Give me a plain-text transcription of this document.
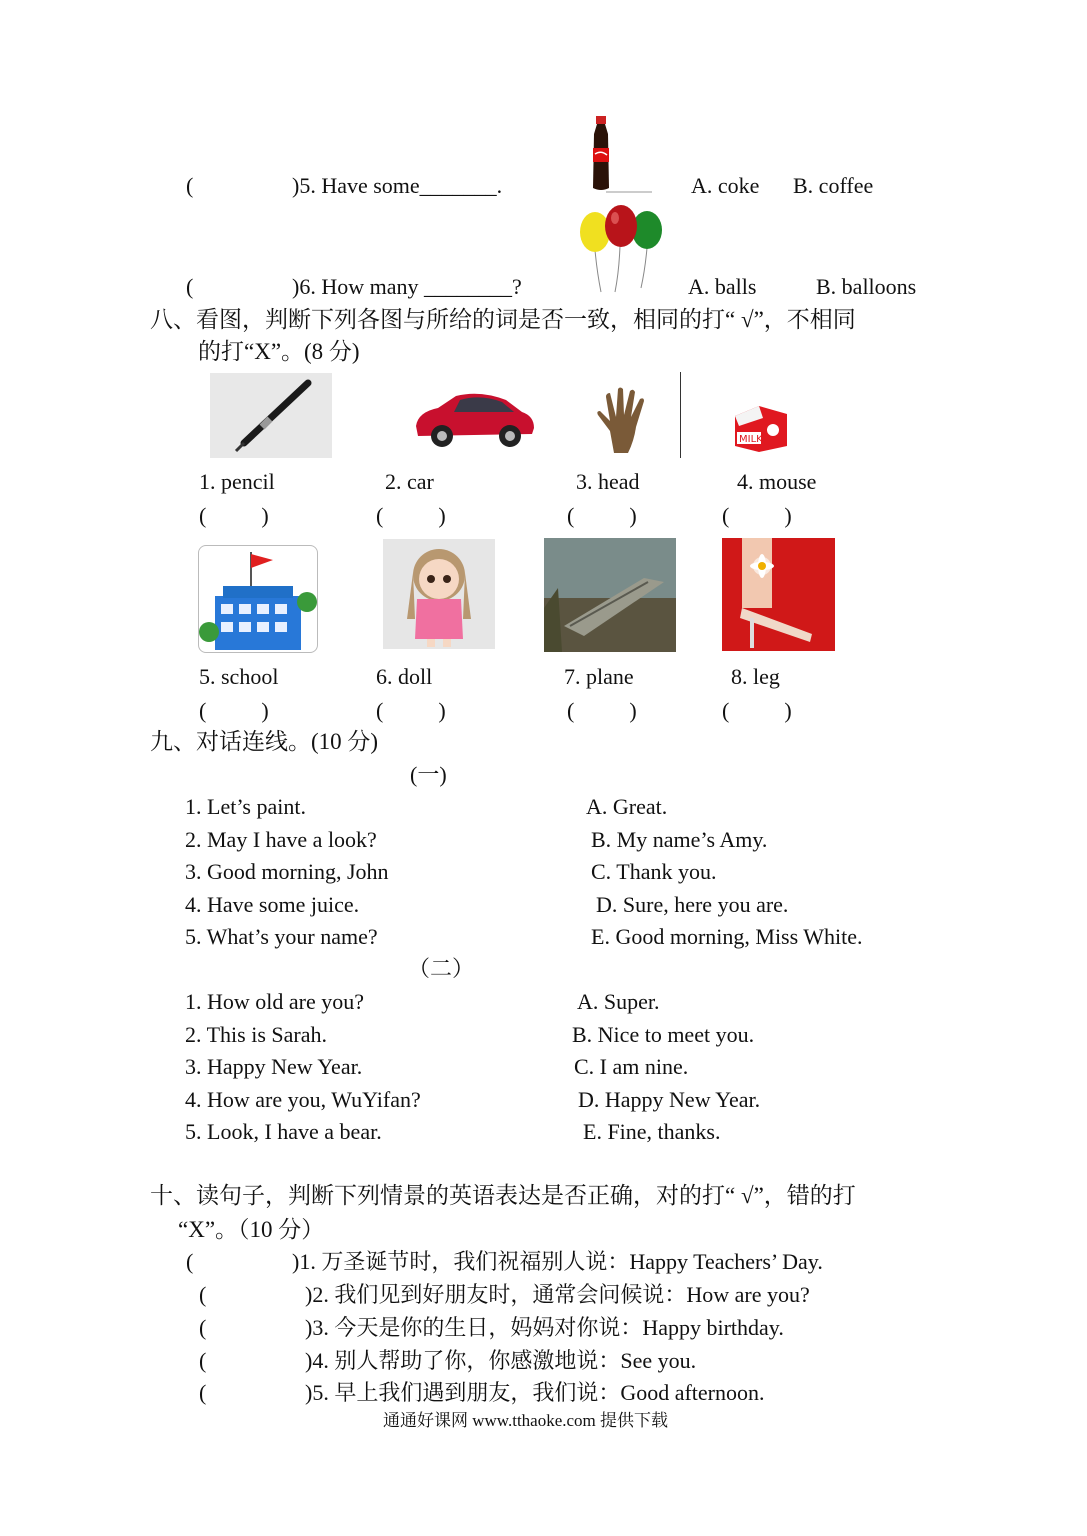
(	)5. Have some_______.	A. coke B. coffee
(	)6. How many ________?	A. balls	B. balloons
八、看图，判断下列各图与所给的词是否一致，相同的打“ √”，不相同
的打“X”。(8 分)
MILK
1. pencil	2. car	3. head	4. mouse
(          )	(          )	(          )	(          )
5. school	6. doll	7. plane	8. leg
(          )	(          )	(          )	(          )
九、对话连线。(10 分)
(一)
1. Let’s paint.
2. May I have a look?
3. Good morning, John
4. Have some juice.
5. What’s your name?
A. Great.
B. My name’s Amy.
C. Thank you.
D. Sure, here you are.
E. Good morning, Miss White.
（二）
1. How old are you?
2. This is Sarah.
3. Happy New Year.
4. How are you, WuYifan?
5. Look, I have a bear.
A. Super.
B. Nice to meet you.
C. I am nine.
D. Happy New Year.
E. Fine, thanks.
十、读句子，判断下列情景的英语表达是否正确，对的打“ √”，错的打
“X”。（10 分）
(	)1. 万圣诞节时，我们祝福别人说：Happy Teachers’ Day.
(	)2. 我们见到好朋友时，通常会问候说：How are you?
(	)3. 今天是你的生日，妈妈对你说：Happy birthday.
(	)4. 别人帮助了你，你感激地说：See you.
(	)5. 早上我们遇到朋友，我们说：Good afternoon.
通通好课网 www.tthaoke.com 提供下载
